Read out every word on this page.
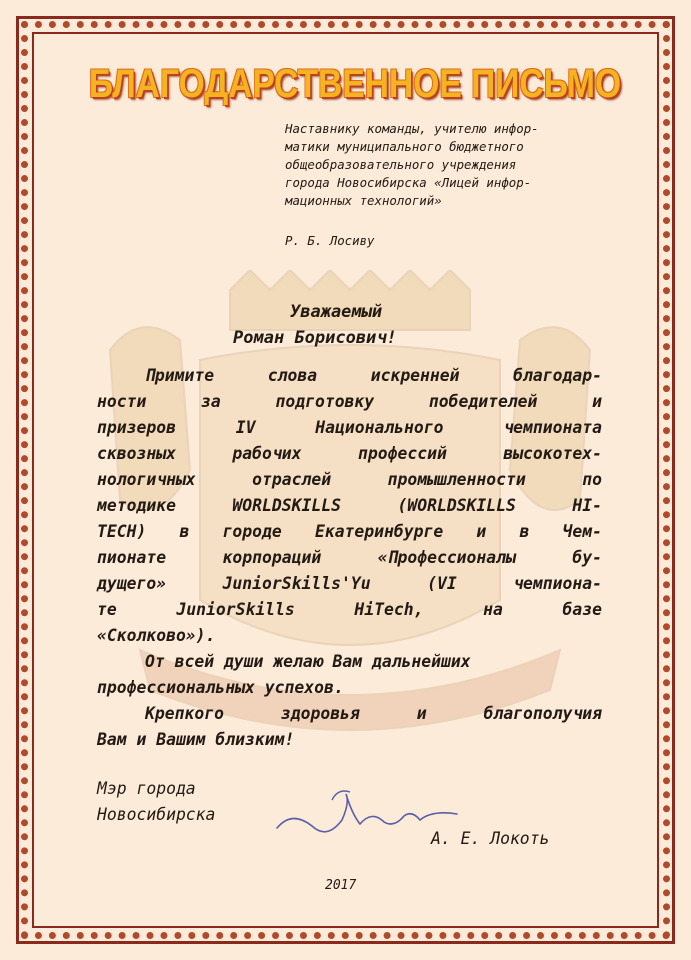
БЛАГОДАРСТВЕННОЕ ПИСЬМО
Наставнику команды, учителю инфор-
матики муниципального бюджетного
общеобразовательного учреждения
города Новосибирска «Лицей инфор-
мационных технологий»
Р. Б. Лосиву
Уважаемый
Роман Борисович!
Примите слова искренней благодар-
ности за подготовку победителей и
призеров IV Национального чемпионата
сквозных рабочих профессий высокотех-
нологичных отраслей промышленности по
методике WORLDSKILLS (WORLDSKILLS HI-
TECH) в городе Екатеринбурге и в Чем-
пионате корпораций «Профессионалы бу-
дущего» JuniorSkills'Yu (VI чемпиона-
те JuniorSkills HiTech, на базе
«Сколково»).
От всей души желаю Вам дальнейших
профессиональных успехов.
Крепкого здоровья и благополучия
Вам и Вашим близким!
Мэр города
Новосибирска
А. Е. Локоть
2017
